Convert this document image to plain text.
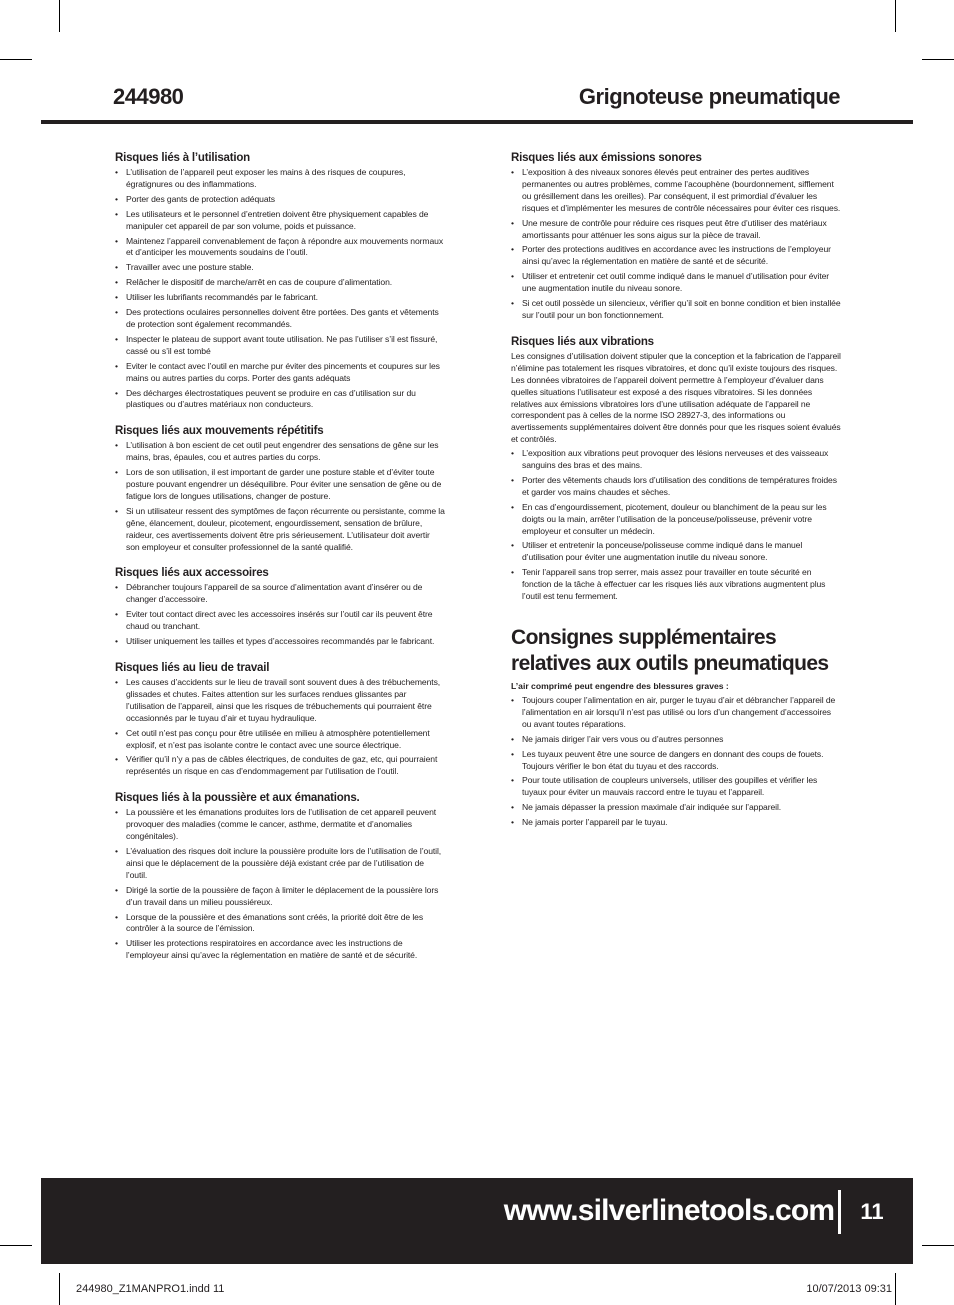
244980	Grignoteuse pneumatique
Risques liés à l’utilisation
• L’utilisation de l’appareil peut exposer les mains à des risques de coupures, égratignures ou des inflammations.
• Porter des gants de protection adéquats
• Les utilisateurs et le personnel d’entretien doivent être physiquement capables de manipuler cet appareil de par son volume, poids et puissance.
• Maintenez l’appareil convenablement de façon à répondre aux mouvements normaux et d’anticiper les mouvements soudains de l’outil.
• Travailler avec une posture stable.
• Relâcher le dispositif de marche/arrêt en cas de coupure d’alimentation.
• Utiliser les lubrifiants recommandés par le fabricant.
• Des protections oculaires personnelles doivent être portées. Des gants et vêtements de protection sont également recommandés.
• Inspecter le plateau de support avant toute utilisation. Ne pas l’utiliser s’il est fissuré, cassé ou s’il est tombé
• Eviter le contact avec l’outil en marche pur éviter des pincements et coupures sur les mains ou autres parties du corps. Porter des gants adéquats
• Des décharges électrostatiques peuvent se produire en cas d’utilisation sur du plastiques ou d’autres matériaux non conducteurs.
Risques liés aux mouvements répétitifs
• L’utilisation à bon escient de cet outil peut engendrer des sensations de gêne sur les mains, bras, épaules, cou et autres parties du corps.
• Lors de son utilisation, il est important de garder une posture stable et d’éviter toute posture pouvant engendrer un déséquilibre. Pour éviter une sensation de gêne ou de fatigue lors de longues utilisations, changer de posture.
• Si un utilisateur ressent des symptômes de façon récurrente ou persistante, comme la gêne, élancement, douleur, picotement, engourdissement, sensation de brûlure, raideur, ces avertissements doivent être pris sérieusement. L’utilisateur doit avertir son employeur et consulter professionnel de la santé qualifié.
Risques liés aux accessoires
• Débrancher toujours l’appareil de sa source d’alimentation avant d’insérer ou de changer d’accessoire.
• Eviter tout contact direct avec les accessoires insérés sur l’outil car ils peuvent être chaud ou tranchant.
• Utiliser uniquement les tailles et types d’accessoires recommandés par le fabricant.
Risques liés au lieu de travail
• Les causes d’accidents sur le lieu de travail sont souvent dues à des trébuchements, glissades et chutes. Faites attention sur les surfaces rendues glissantes par l’utilisation de l’appareil, ainsi que les risques de trébuchements qui pourraient être occasionnés par le tuyau d’air et tuyau hydraulique.
• Cet outil n’est pas conçu pour être utilisée en milieu à atmosphère potentiellement explosif, et n’est pas isolante contre le contact avec une source électrique.
• Vérifier qu’il n’y a pas de câbles électriques, de conduites de gaz, etc, qui pourraient représentés un risque en cas d’endommagement par l’utilisation de l’outil.
Risques liés à la poussière et aux émanations.
• La poussière et les émanations produites lors de l’utilisation de cet appareil peuvent provoquer des maladies (comme le cancer, asthme, dermatite et d’anomalies congénitales).
• L’évaluation des risques doit inclure la poussière produite lors de l’utilisation de l’outil, ainsi que le déplacement de la poussière déjà existant crée par de l’utilisation de l’outil.
• Dirigé la sortie de la poussière de façon à limiter le déplacement de la poussière lors d’un travail dans un milieu poussiéreux.
• Lorsque de la poussière et des émanations sont créés, la priorité doit être de les contrôler à la source de l’émission.
• Utiliser les protections respiratoires en accordance avec les instructions de l’employeur ainsi qu’avec la réglementation en matière de santé et de sécurité.
Risques liés aux émissions sonores
• L’exposition à des niveaux sonores élevés peut entrainer des pertes auditives permanentes ou autres problèmes, comme l’acouphène (bourdonnement, sifflement ou grésillement dans les oreilles). Par conséquent, il est primordial d’évaluer les risques et d’implémenter les mesures de contrôle nécessaires pour éviter ces risques.
• Une mesure de contrôle pour réduire ces risques peut être d’utiliser des matériaux amortissants pour atténuer les sons aigus sur la pièce de travail.
• Porter des protections auditives en accordance avec les instructions de l’employeur ainsi qu’avec la réglementation en matière de santé et de sécurité.
• Utiliser et entretenir cet outil comme indiqué dans le manuel d’utilisation pour éviter une augmentation inutile du niveau sonore.
• Si cet outil possède un silencieux, vérifier qu’il soit en bonne condition et bien installée sur l’outil pour un bon fonctionnement.
Risques liés aux vibrations

Les consignes d’utilisation doivent stipuler que la conception et la fabrication de l’appareil n’élimine pas totalement les risques vibratoires, et donc qu’il existe toujours des risques. Les données vibratoires de l’appareil doivent permettre à l’employeur d’évaluer dans quelles situations l’utilisateur est exposé a des risques vibratoires. Si les données relatives aux émissions vibratoires lors d’une utilisation adéquate de l’appareil ne correspondent pas à celles de la norme ISO 28927-3, des informations ou avertissements supplémentaires doivent être donnés pour que les risques soient évalués et contrôlés.

• L’exposition aux vibrations peut provoquer des lésions nerveuses et des vaisseaux sanguins des bras et des mains.
• Porter des vêtements chauds lors d’utilisation des conditions de températures froides et garder vos mains chaudes et sèches.
• En cas d’engourdissement, picotement, douleur ou blanchiment de la peau sur les doigts ou la main, arrêter l’utilisation de la ponceuse/polisseuse, prévenir votre employeur et consulter un médecin.
• Utiliser et entretenir la ponceuse/polisseuse comme indiqué dans le manuel d’utilisation pour éviter une augmentation inutile du niveau sonore.
• Tenir l’appareil sans trop serrer, mais assez pour travailler en toute sécurité en fonction de la tâche à effectuer car les risques liés aux vibrations augmentent plus l’outil est tenu fermement.
Consignes supplémentaires relatives aux outils pneumatiques
L’air comprimé peut engendre des blessures graves :
• Toujours couper l’alimentation en air, purger le tuyau d’air et débrancher l’appareil de l’alimentation en air lorsqu’il n’est pas utilisé ou lors d’un changement d’accessoires ou avant toutes réparations.
• Ne jamais diriger l’air vers vous ou d’autres personnes
• Les tuyaux peuvent être une source de dangers en donnant des coups de fouets. Toujours vérifier le bon état du tuyau et des raccords.
• Pour toute utilisation de coupleurs universels, utiliser des goupilles et vérifier les tuyaux pour éviter un mauvais raccord entre le tuyau et l’appareil.
• Ne jamais dépasser la pression maximale d’air indiquée sur l’appareil.
• Ne jamais porter l’appareil par le tuyau.
www.silverlinetools.com	11
244980_Z1MANPRO1.indd 11	10/07/2013 09:31
